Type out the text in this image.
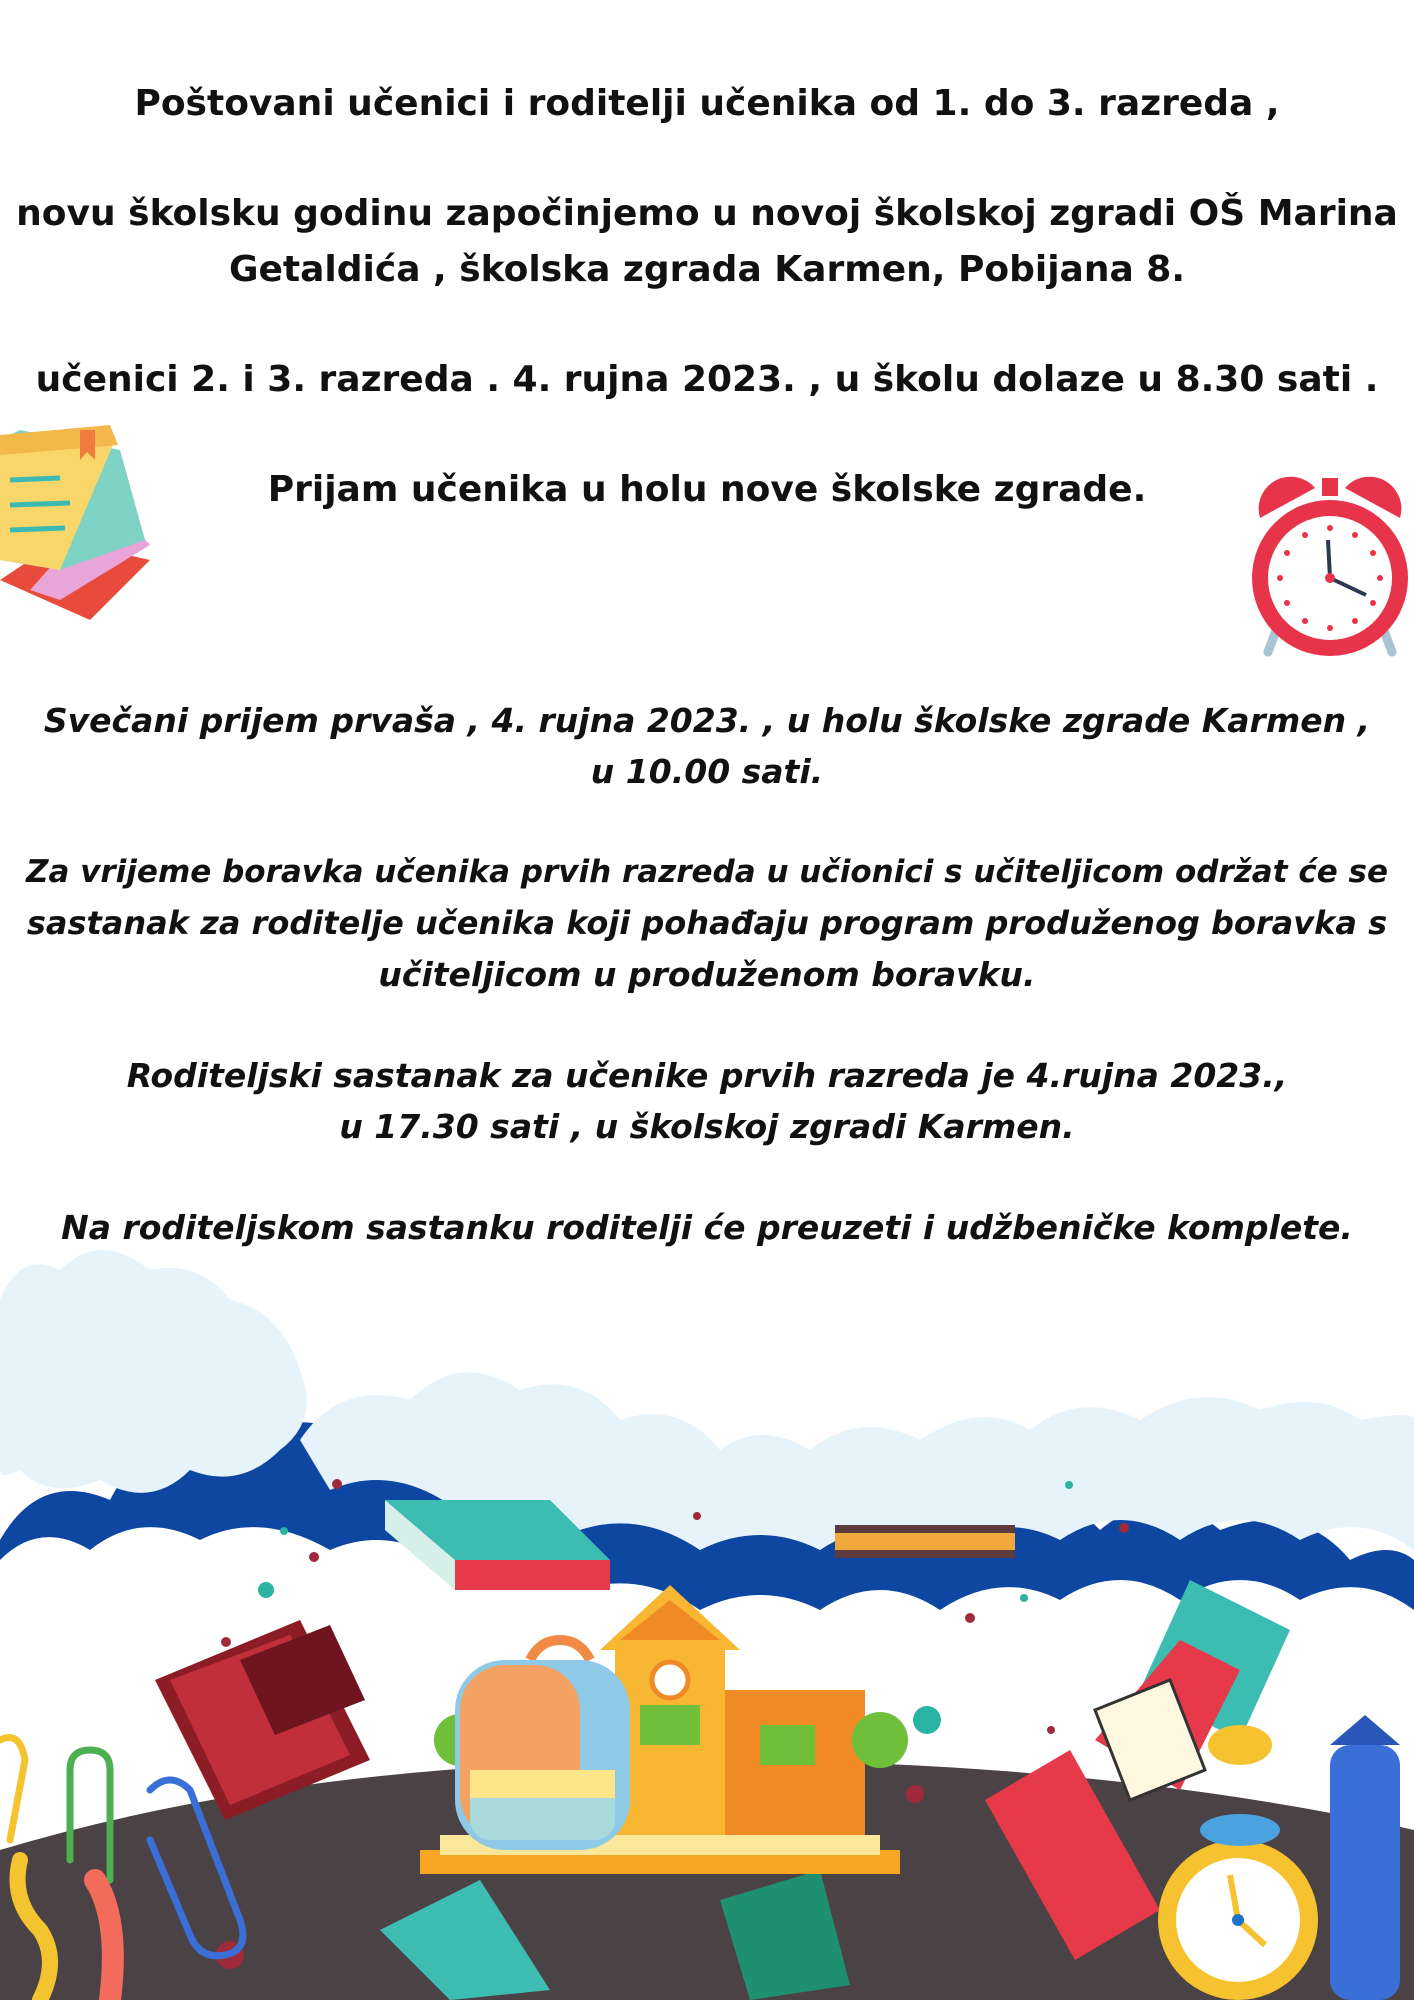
Poštovani učenici i roditelji učenika od 1. do 3. razreda ,
novu školsku godinu započinjemo u novoj školskoj zgradi OŠ Marina
Getaldića , školska zgrada Karmen, Pobijana 8.
učenici 2. i 3. razreda . 4. rujna 2023. , u školu dolaze u 8.30 sati .
Prijam učenika u holu nove školske zgrade.
Svečani prijem prvaša , 4. rujna 2023. , u holu školske zgrade Karmen ,
u 10.00 sati.
Za vrijeme boravka učenika prvih razreda u učionici s učiteljicom održat će se
sastanak za roditelje učenika koji pohađaju program produženog boravka s
učiteljicom u produženom boravku.
Roditeljski sastanak za učenike prvih razreda je 4.rujna 2023.,
u 17.30 sati , u školskoj zgradi Karmen.
Na roditeljskom sastanku roditelji će preuzeti i udžbeničke komplete.
